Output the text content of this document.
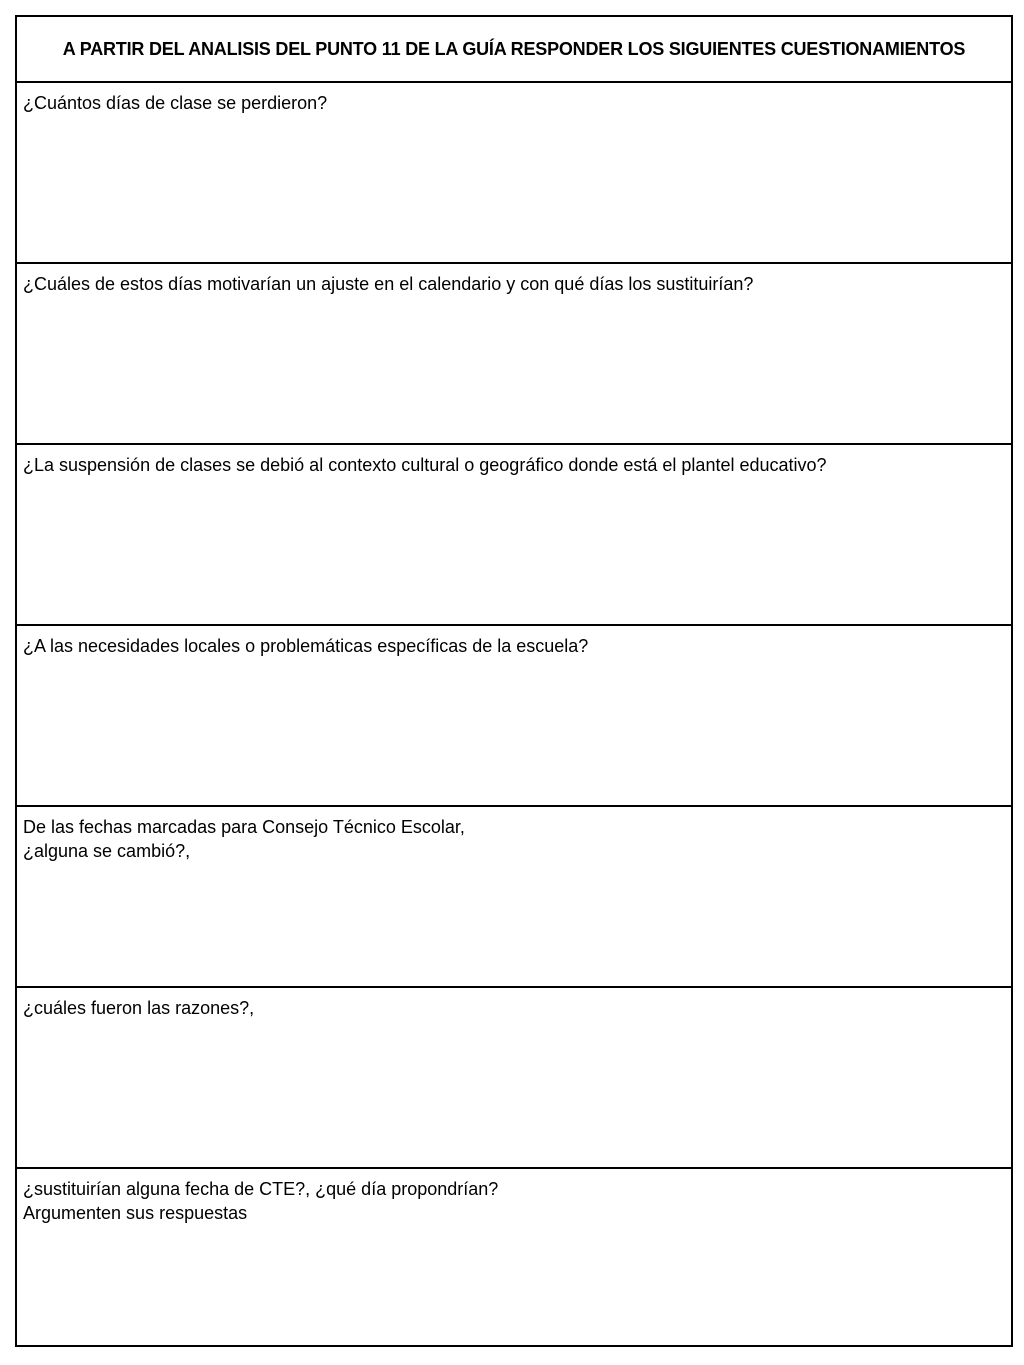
A PARTIR DEL ANALISIS DEL PUNTO 11 DE LA GUÍA RESPONDER LOS SIGUIENTES CUESTIONAMIENTOS
¿Cuántos días de clase se perdieron?
¿Cuáles de estos días motivarían un ajuste en el calendario y con qué días los sustituirían?
¿La suspensión de clases se debió al contexto cultural o geográfico donde está el plantel educativo?
¿A las necesidades locales o problemáticas específicas de la escuela?
De las fechas marcadas para Consejo Técnico Escolar,
¿alguna se cambió?,
¿cuáles fueron las razones?,
¿sustituirían alguna fecha de CTE?, ¿qué día propondrían?
Argumenten sus respuestas
